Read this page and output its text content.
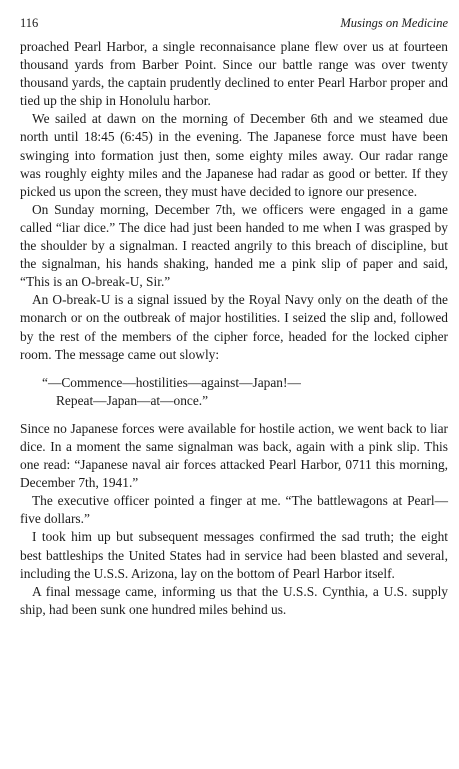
116	Musings on Medicine

proached Pearl Harbor, a single reconnaisance plane flew over us at fourteen thousand yards from Barber Point. Since our battle range was over twenty thousand yards, the captain prudently declined to enter Pearl Harbor proper and tied up the ship in Honolulu harbor.

We sailed at dawn on the morning of December 6th and we steamed due north until 18:45 (6:45) in the evening. The Japanese force must have been swinging into formation just then, some eighty miles away. Our radar range was roughly eighty miles and the Japanese had radar as good or better. If they picked us upon the screen, they must have decided to ignore our presence.

On Sunday morning, December 7th, we officers were engaged in a game called “liar dice.” The dice had just been handed to me when I was grasped by the shoulder by a signalman. I reacted angrily to this breach of discipline, but the signalman, his hands shaking, handed me a pink slip of paper and said, “This is an O-break-U, Sir.”

An O-break-U is a signal issued by the Royal Navy only on the death of the monarch or on the outbreak of major hostilities. I seized the slip and, followed by the rest of the members of the cipher force, headed for the locked cipher room. The message came out slowly:

“—Commence—hostilities—against—Japan!—
Repeat—Japan—at—once.”

Since no Japanese forces were available for hostile action, we went back to liar dice. In a moment the same signalman was back, again with a pink slip. This one read: “Japanese naval air forces attacked Pearl Harbor, 0711 this morning, December 7th, 1941.”

The executive officer pointed a finger at me. “The battlewagons at Pearl—five dollars.”

I took him up but subsequent messages confirmed the sad truth; the eight best battleships the United States had in service had been blasted and several, including the U.S.S. Arizona, lay on the bottom of Pearl Harbor itself.

A final message came, informing us that the U.S.S. Cynthia, a U.S. supply ship, had been sunk one hundred miles behind us.
